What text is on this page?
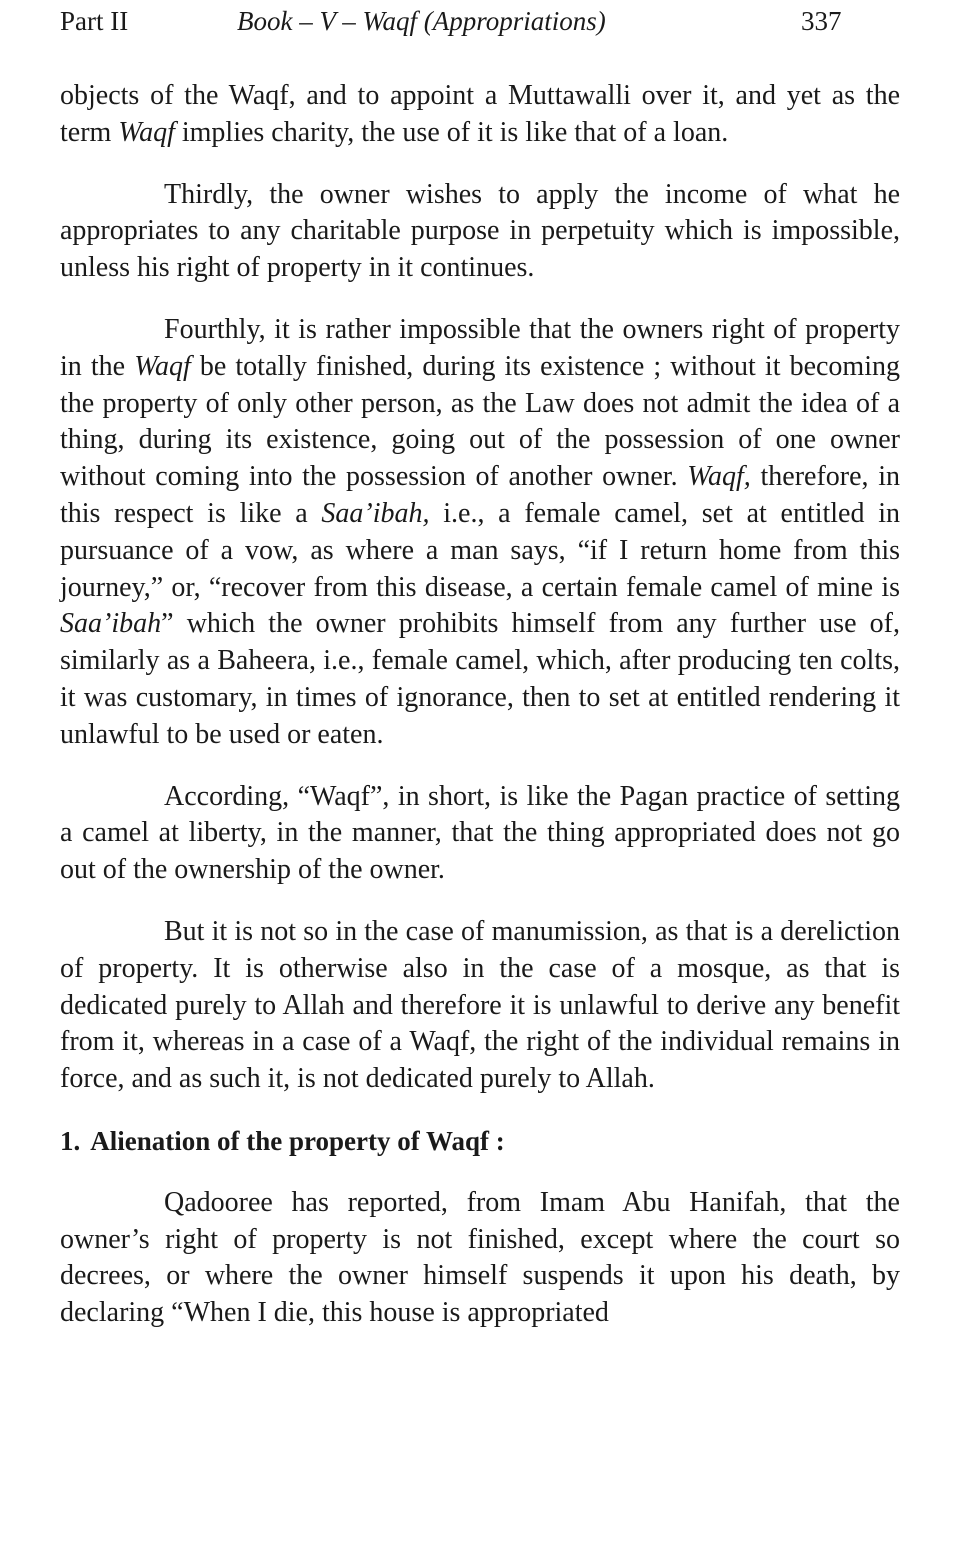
Part II	Book – V – Waqf (Appropriations)	337

objects of the Waqf, and to appoint a Muttawalli over it, and yet as the term Waqf implies charity, the use of it is like that of a loan.

Thirdly, the owner wishes to apply the income of what he appropriates to any charitable purpose in perpetuity which is impossible, unless his right of property in it continues.

Fourthly, it is rather impossible that the owners right of property in the Waqf be totally finished, during its existence ; without it becoming the property of only other person, as the Law does not admit the idea of a thing, during its existence, going out of the possession of one owner without coming into the possession of another owner. Waqf, therefore, in this respect is like a Saa’ibah, i.e., a female camel, set at entitled in pursuance of a vow, as where a man says, “if I return home from this journey,” or, “recover from this disease, a certain female camel of mine is Saa’ibah” which the owner prohibits himself from any further use of, similarly as a Baheera, i.e., female camel, which, after producing ten colts, it was customary, in times of ignorance, then to set at entitled rendering it unlawful to be used or eaten.

According, “Waqf”, in short, is like the Pagan practice of setting a camel at liberty, in the manner, that the thing appropriated does not go out of the ownership of the owner.

But it is not so in the case of manumission, as that is a dereliction of property. It is otherwise also in the case of a mosque, as that is dedicated purely to Allah and therefore it is unlawful to derive any benefit from it, whereas in a case of a Waqf, the right of the individual remains in force, and as such it, is not dedicated purely to Allah.

1. Alienation of the property of Waqf :

Qadooree has reported, from Imam Abu Hanifah, that the owner’s right of property is not finished, except where the court so decrees, or where the owner himself suspends it upon his death, by declaring “When I die, this house is appropriated
